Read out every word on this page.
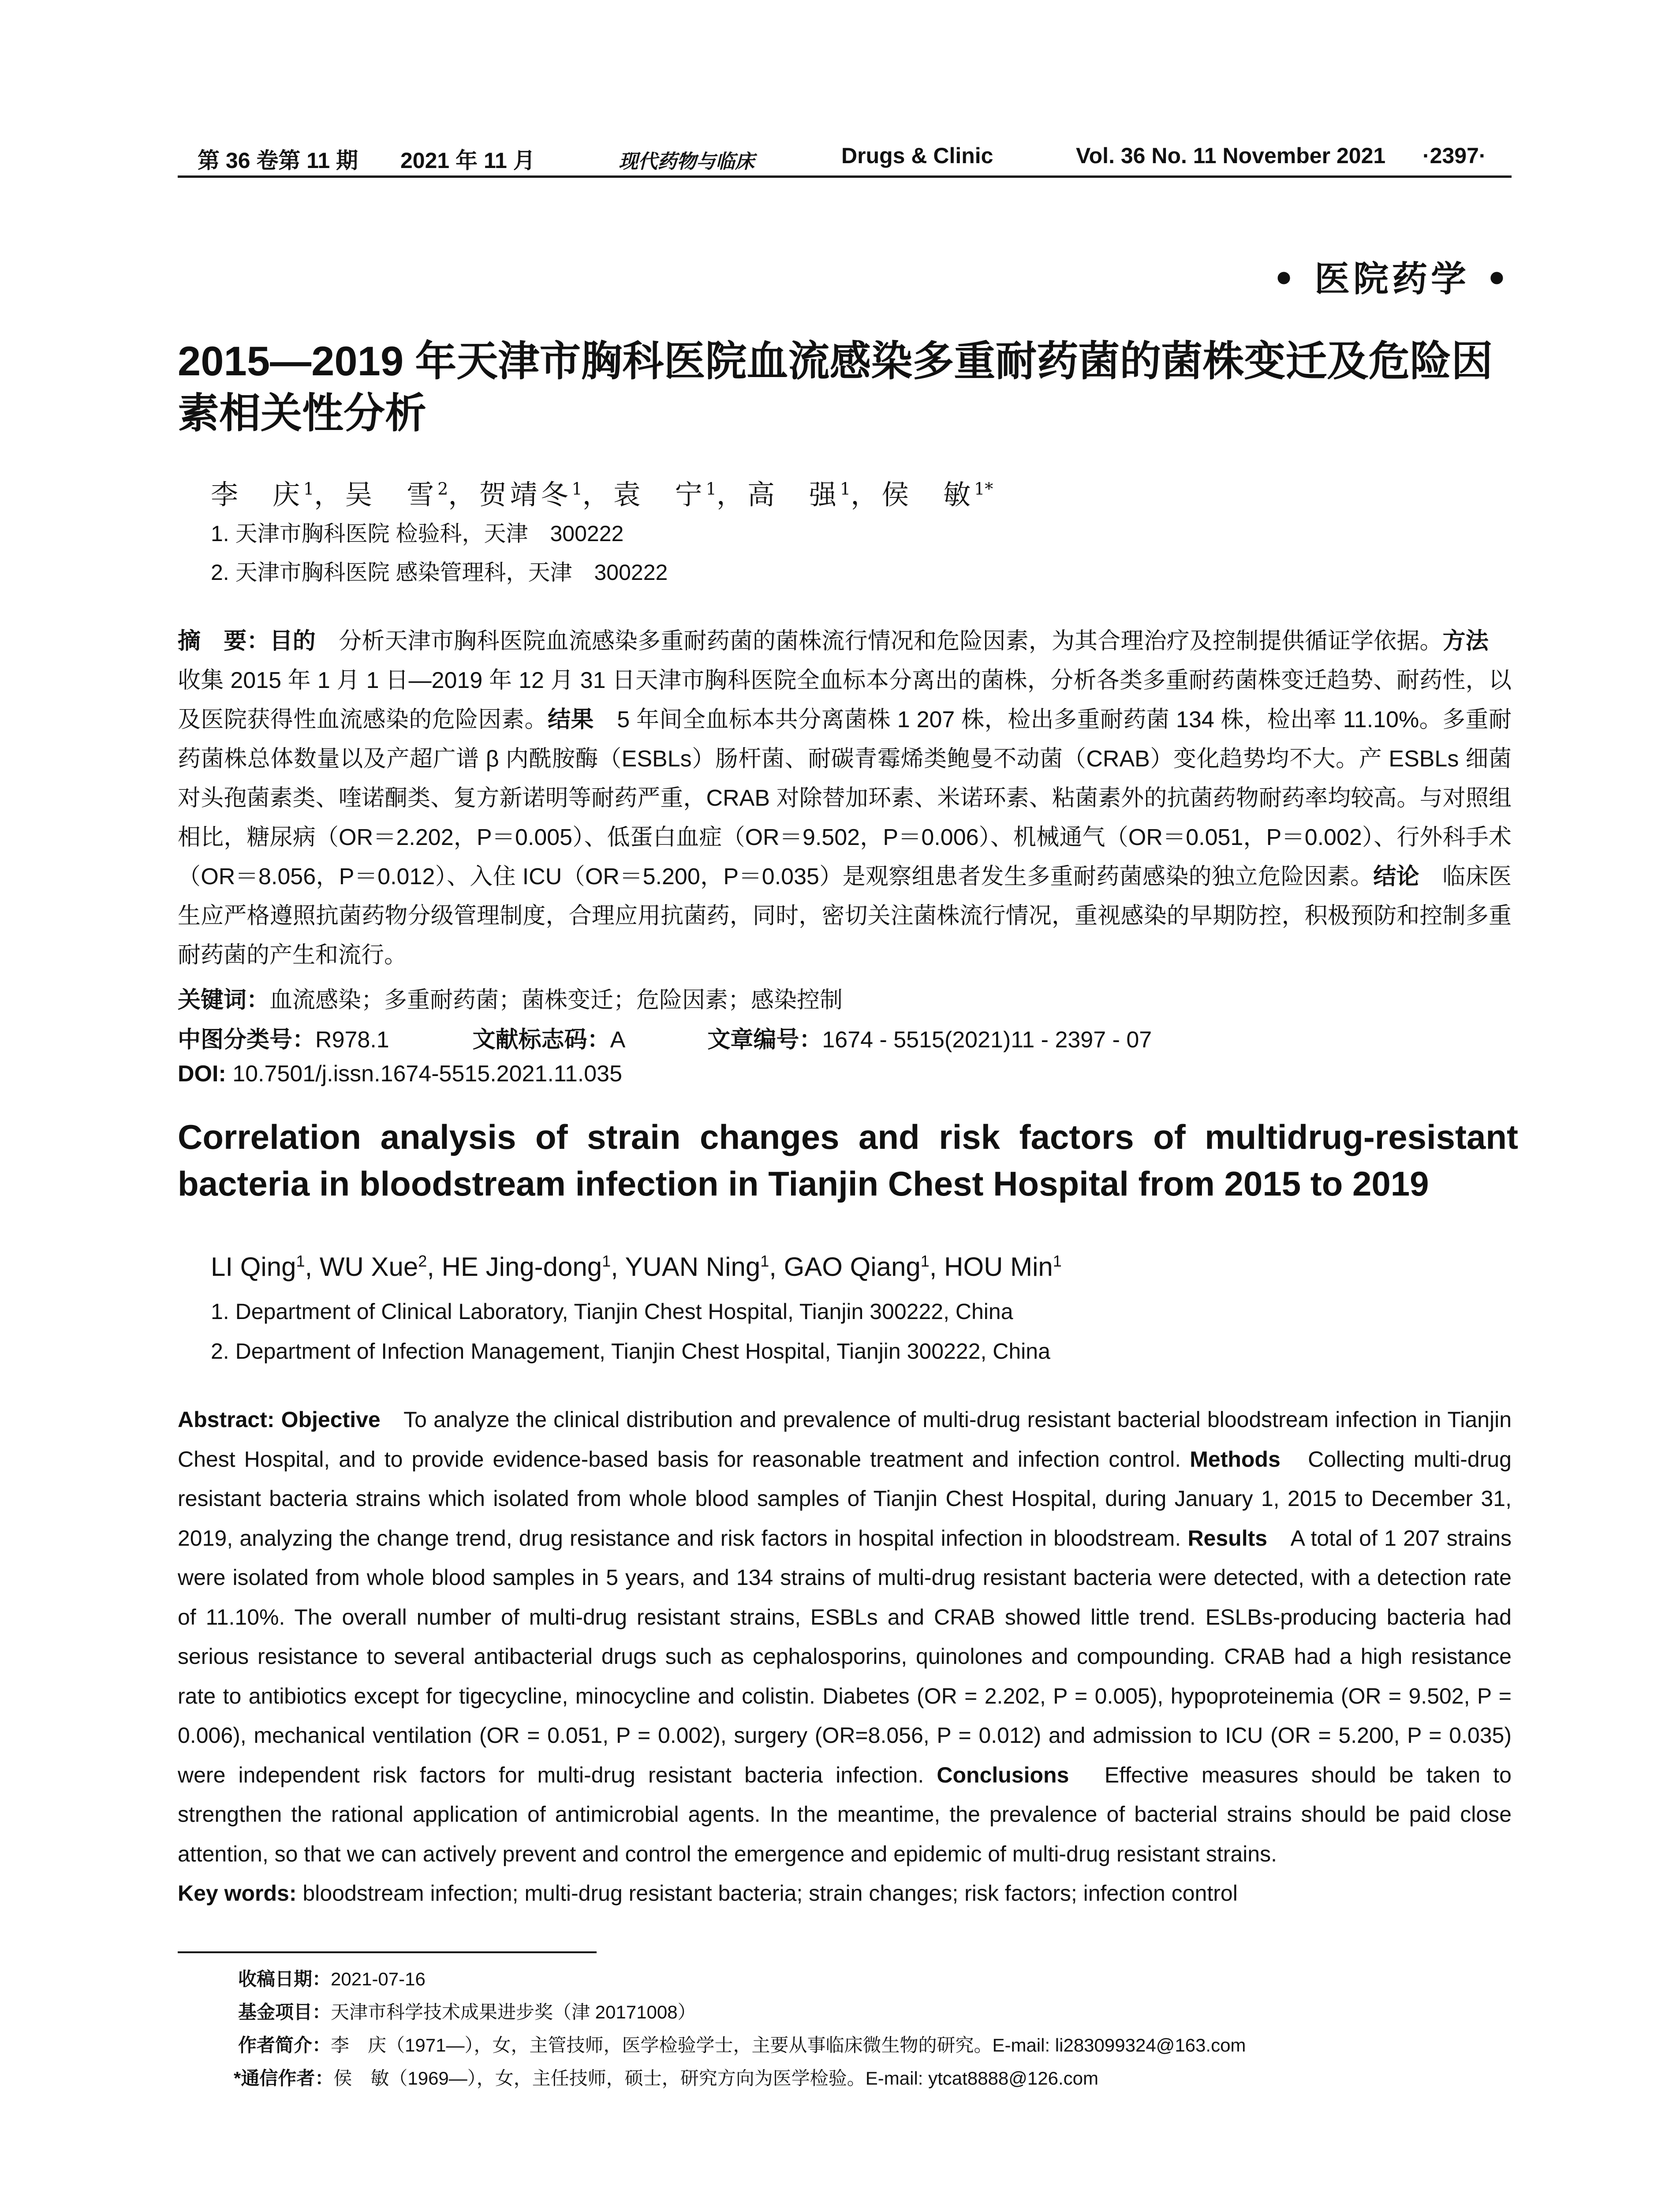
第 36 卷第 11 期 2021 年 11 月	现代药物与临床	Drugs & Clinic	Vol. 36 No. 11 November 2021 ·2397·
• 医院药学 •
2015—2019 年天津市胸科医院血流感染多重耐药菌的菌株变迁及危险因素相关性分析
李　庆$^1$，吴　雪$^2$，贺靖冬$^1$，袁　宁$^1$，高　强$^1$，侯　敏$^{1*}$
1. 天津市胸科医院 检验科，天津　300222
2. 天津市胸科医院 感染管理科，天津　300222
摘　要：目的　分析天津市胸科医院血流感染多重耐药菌的菌株流行情况和危险因素，为其合理治疗及控制提供循证学依据。方法　收集 2015 年 1 月 1 日—2019 年 12 月 31 日天津市胸科医院全血标本分离出的菌株，分析各类多重耐药菌株变迁趋势、耐药性，以及医院获得性血流感染的危险因素。结果　5 年间全血标本共分离菌株 1 207 株，检出多重耐药菌 134 株，检出率 11.10%。多重耐药菌株总体数量以及产超广谱 β 内酰胺酶（ESBLs）肠杆菌、耐碳青霉烯类鲍曼不动菌（CRAB）变化趋势均不大。产 ESBLs 细菌对头孢菌素类、喹诺酮类、复方新诺明等耐药严重，CRAB 对除替加环素、米诺环素、粘菌素外的抗菌药物耐药率均较高。与对照组相比，糖尿病（OR＝2.202，P＝0.005）、低蛋白血症（OR＝9.502，P＝0.006）、机械通气（OR＝0.051，P＝0.002）、行外科手术（OR＝8.056，P＝0.012）、入住 ICU（OR＝5.200，P＝0.035）是观察组患者发生多重耐药菌感染的独立危险因素。结论　临床医生应严格遵照抗菌药物分级管理制度，合理应用抗菌药，同时，密切关注菌株流行情况，重视感染的早期防控，积极预防和控制多重耐药菌的产生和流行。
关键词：血流感染；多重耐药菌；菌株变迁；危险因素；感染控制
中图分类号：R978.1	文献标志码：A	文章编号：1674 - 5515(2021)11 - 2397 - 07
DOI: 10.7501/j.issn.1674-5515.2021.11.035
Correlation analysis of strain changes and risk factors of multidrug-resistant bacteria in bloodstream infection in Tianjin Chest Hospital from 2015 to 2019
LI Qing$^1$, WU Xue$^2$, HE Jing-dong$^1$, YUAN Ning$^1$, GAO Qiang$^1$, HOU Min$^1$
1. Department of Clinical Laboratory, Tianjin Chest Hospital, Tianjin 300222, China
2. Department of Infection Management, Tianjin Chest Hospital, Tianjin 300222, China
Abstract: Objective　To analyze the clinical distribution and prevalence of multi-drug resistant bacterial bloodstream infection in Tianjin Chest Hospital, and to provide evidence-based basis for reasonable treatment and infection control. Methods　Collecting multi-drug resistant bacteria strains which isolated from whole blood samples of Tianjin Chest Hospital, during January 1, 2015 to December 31, 2019, analyzing the change trend, drug resistance and risk factors in hospital infection in bloodstream. Results　A total of 1 207 strains were isolated from whole blood samples in 5 years, and 134 strains of multi-drug resistant bacteria were detected, with a detection rate of 11.10%. The overall number of multi-drug resistant strains, ESBLs and CRAB showed little trend. ESLBs-producing bacteria had serious resistance to several antibacterial drugs such as cephalosporins, quinolones and compounding. CRAB had a high resistance rate to antibiotics except for tigecycline, minocycline and colistin. Diabetes (OR = 2.202, P = 0.005), hypoproteinemia (OR = 9.502, P = 0.006), mechanical ventilation (OR = 0.051, P = 0.002), surgery (OR=8.056, P = 0.012) and admission to ICU (OR = 5.200, P = 0.035) were independent risk factors for multi-drug resistant bacteria infection. Conclusions　Effective measures should be taken to strengthen the rational application of antimicrobial agents. In the meantime, the prevalence of bacterial strains should be paid close attention, so that we can actively prevent and control the emergence and epidemic of multi-drug resistant strains.
Key words: bloodstream infection; multi-drug resistant bacteria; strain changes; risk factors; infection control
收稿日期：2021-07-16
基金项目：天津市科学技术成果进步奖（津 20171008）
作者简介：李　庆（1971—），女，主管技师，医学检验学士，主要从事临床微生物的研究。E-mail: li283099324@163.com
*通信作者：侯　敏（1969—），女，主任技师，硕士，研究方向为医学检验。E-mail: ytcat8888@126.com
